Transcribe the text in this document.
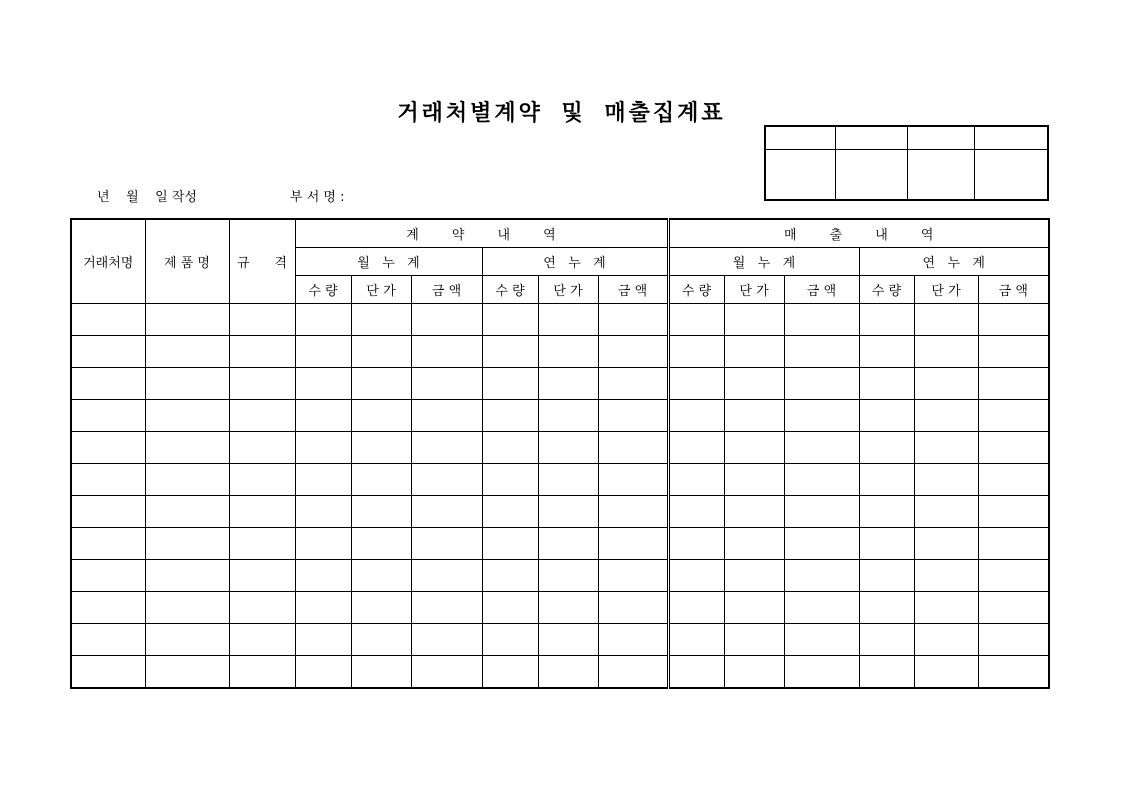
거래처별계약 및 매출집계표

년    월    일 작성	부 서 명 :
거래처명	제 품 명	규      격	계        약        내        역						매        출        내        역					
			월   누   계			연   누   계			월   누   계			연   누   계		
			수 량	단 가	금 액	수 량	단 가	금 액	수 량	단 가	금 액	수 량	단 가	금 액
